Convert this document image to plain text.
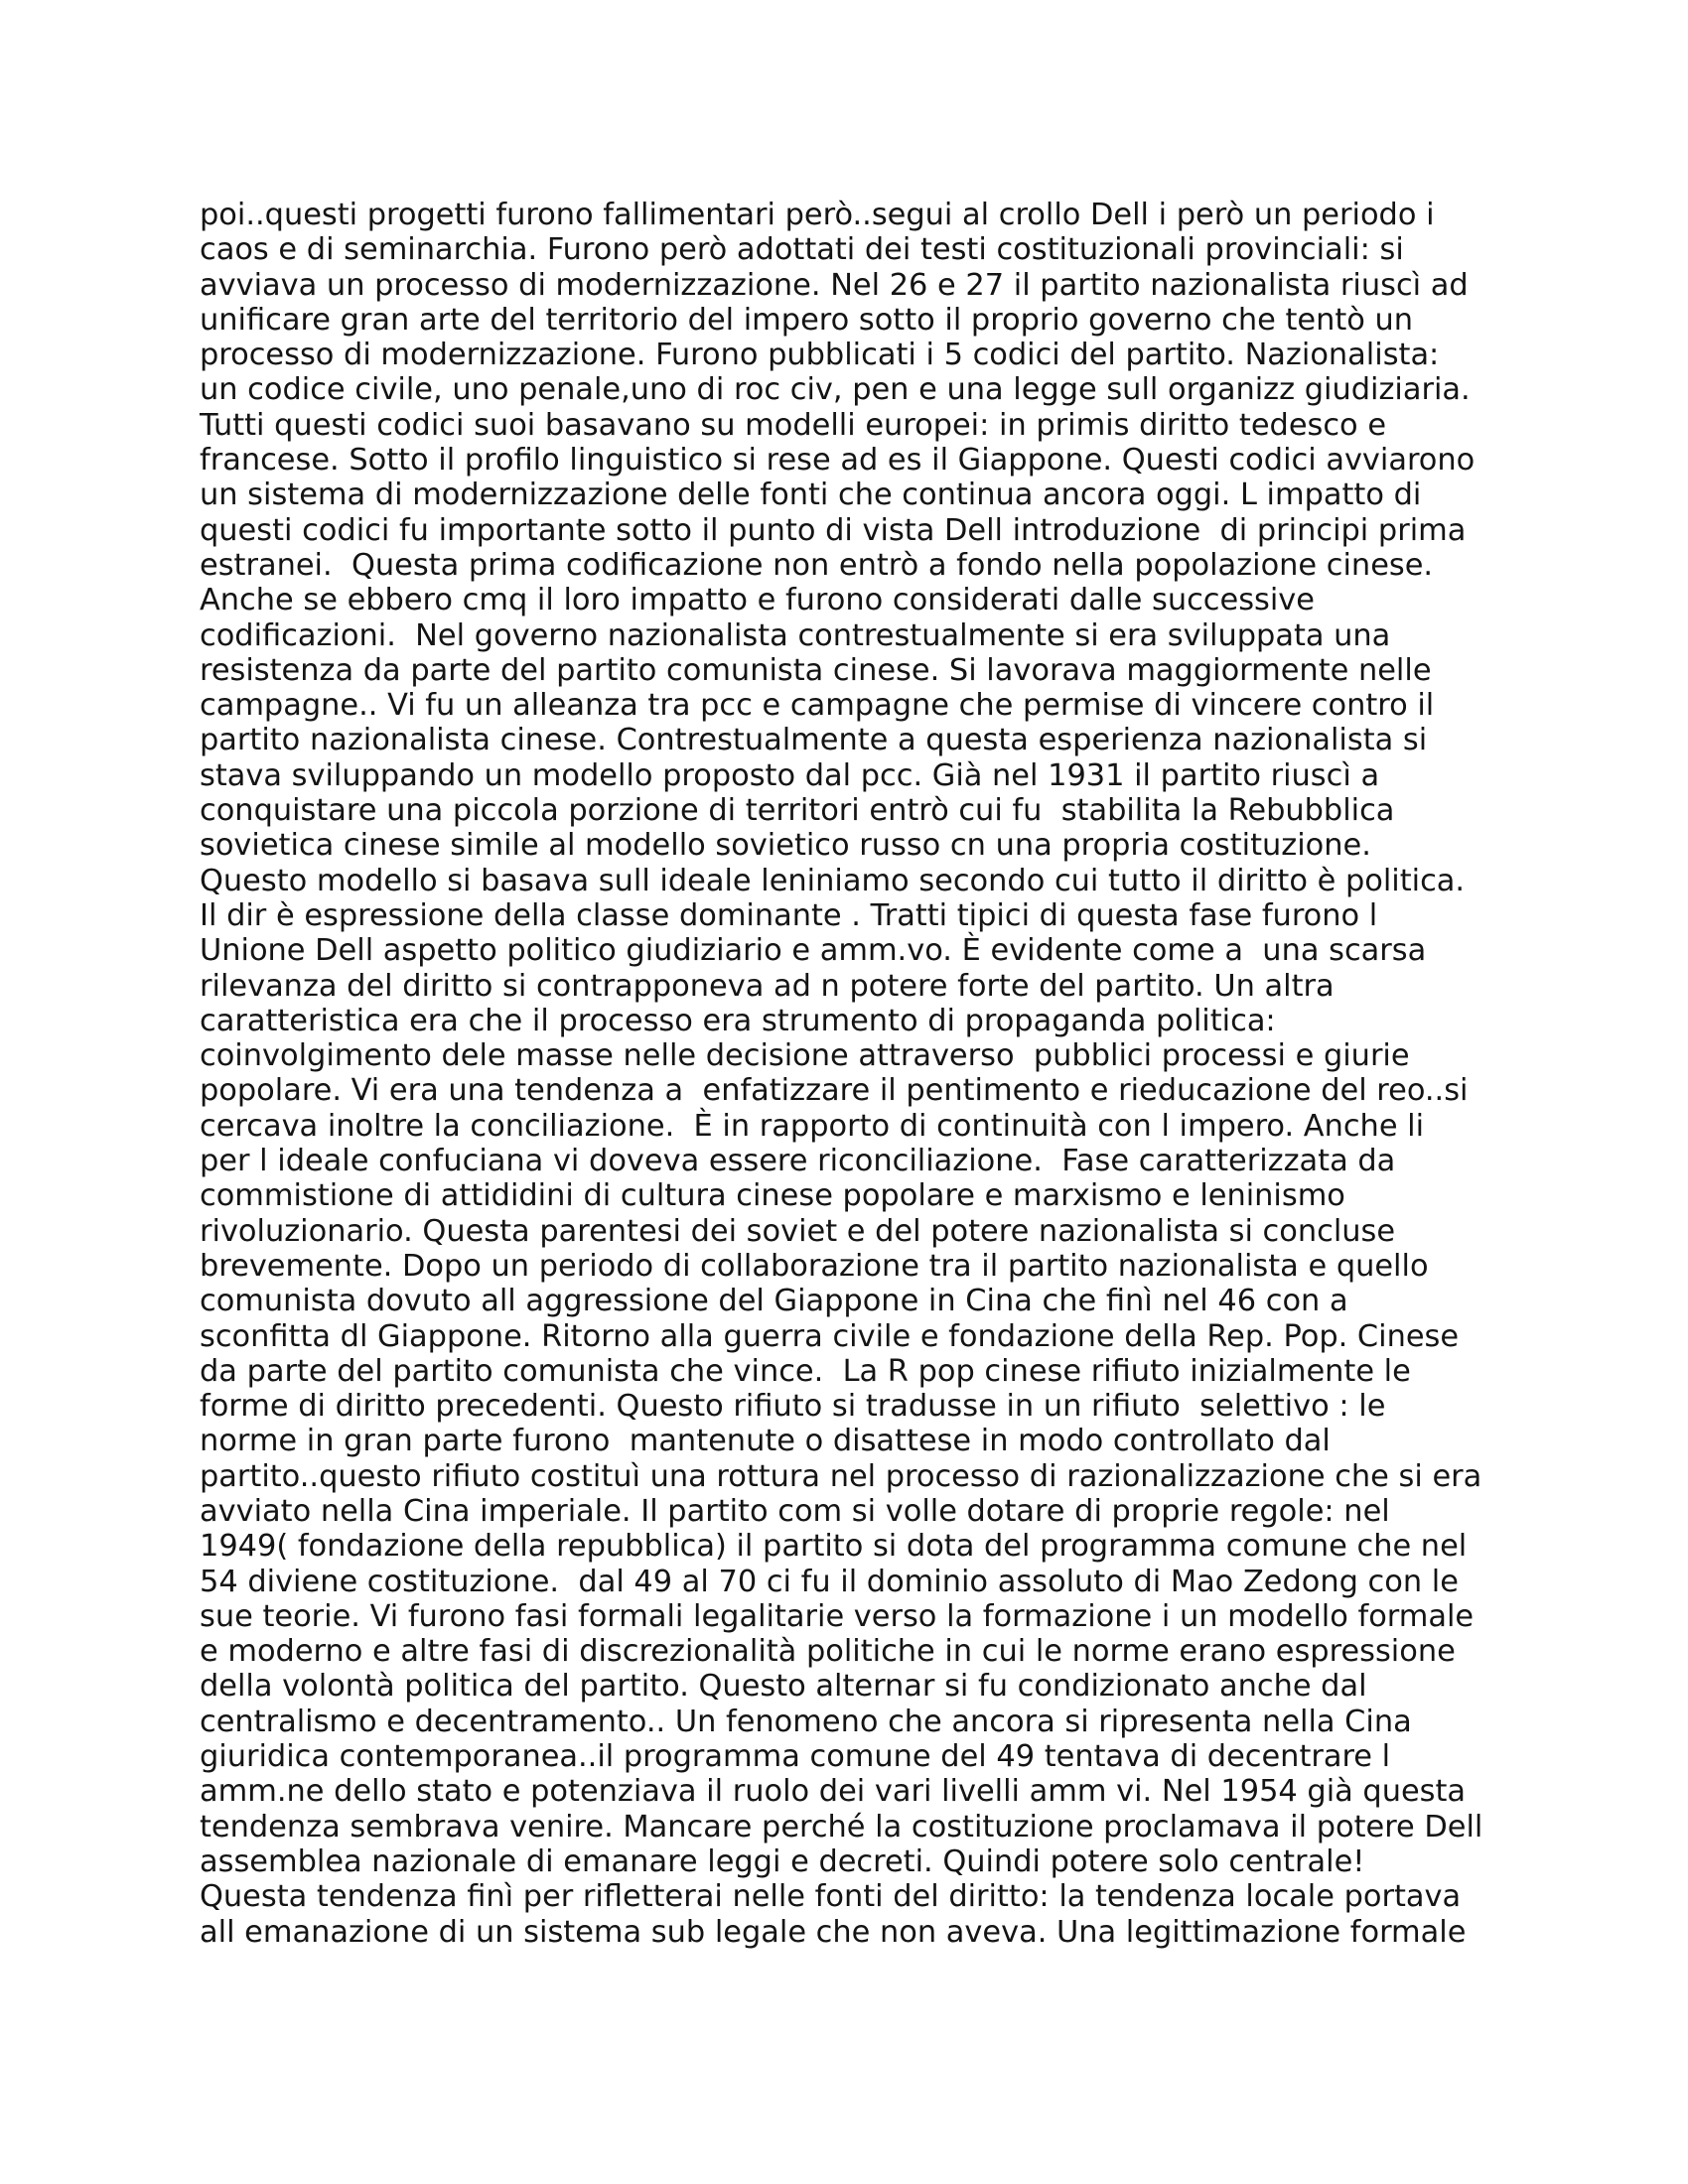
poi..questi progetti furono fallimentari però..segui al crollo Dell i però un periodo i
caos e di seminarchia. Furono però adottati dei testi costituzionali provinciali: si
avviava un processo di modernizzazione. Nel 26 e 27 il partito nazionalista riuscì ad
unificare gran arte del territorio del impero sotto il proprio governo che tentò un
processo di modernizzazione. Furono pubblicati i 5 codici del partito. Nazionalista:
un codice civile, uno penale,uno di roc civ, pen e una legge sull organizz giudiziaria.
Tutti questi codici suoi basavano su modelli europei: in primis diritto tedesco e
francese. Sotto il profilo linguistico si rese ad es il Giappone. Questi codici avviarono
un sistema di modernizzazione delle fonti che continua ancora oggi. L impatto di
questi codici fu importante sotto il punto di vista Dell introduzione  di principi prima
estranei.  Questa prima codificazione non entrò a fondo nella popolazione cinese.
Anche se ebbero cmq il loro impatto e furono considerati dalle successive
codificazioni.  Nel governo nazionalista contrestualmente si era sviluppata una
resistenza da parte del partito comunista cinese. Si lavorava maggiormente nelle
campagne.. Vi fu un alleanza tra pcc e campagne che permise di vincere contro il
partito nazionalista cinese. Contrestualmente a questa esperienza nazionalista si
stava sviluppando un modello proposto dal pcc. Già nel 1931 il partito riuscì a
conquistare una piccola porzione di territori entrò cui fu  stabilita la Rebubblica
sovietica cinese simile al modello sovietico russo cn una propria costituzione.
Questo modello si basava sull ideale leniniamo secondo cui tutto il diritto è politica.
Il dir è espressione della classe dominante . Tratti tipici di questa fase furono l
Unione Dell aspetto politico giudiziario e amm.vo. È evidente come a  una scarsa
rilevanza del diritto si contrapponeva ad n potere forte del partito. Un altra
caratteristica era che il processo era strumento di propaganda politica:
coinvolgimento dele masse nelle decisione attraverso  pubblici processi e giurie
popolare. Vi era una tendenza a  enfatizzare il pentimento e rieducazione del reo..si
cercava inoltre la conciliazione.  È in rapporto di continuità con l impero. Anche li
per l ideale confuciana vi doveva essere riconciliazione.  Fase caratterizzata da
commistione di attididini di cultura cinese popolare e marxismo e leninismo
rivoluzionario. Questa parentesi dei soviet e del potere nazionalista si concluse
brevemente. Dopo un periodo di collaborazione tra il partito nazionalista e quello
comunista dovuto all aggressione del Giappone in Cina che finì nel 46 con a
sconfitta dl Giappone. Ritorno alla guerra civile e fondazione della Rep. Pop. Cinese
da parte del partito comunista che vince.  La R pop cinese rifiuto inizialmente le
forme di diritto precedenti. Questo rifiuto si tradusse in un rifiuto  selettivo : le
norme in gran parte furono  mantenute o disattese in modo controllato dal
partito..questo rifiuto costituì una rottura nel processo di razionalizzazione che si era
avviato nella Cina imperiale. Il partito com si volle dotare di proprie regole: nel
1949( fondazione della repubblica) il partito si dota del programma comune che nel
54 diviene costituzione.  dal 49 al 70 ci fu il dominio assoluto di Mao Zedong con le
sue teorie. Vi furono fasi formali legalitarie verso la formazione i un modello formale
e moderno e altre fasi di discrezionalità politiche in cui le norme erano espressione
della volontà politica del partito. Questo alternar si fu condizionato anche dal
centralismo e decentramento.. Un fenomeno che ancora si ripresenta nella Cina
giuridica contemporanea..il programma comune del 49 tentava di decentrare l
amm.ne dello stato e potenziava il ruolo dei vari livelli amm vi. Nel 1954 già questa
tendenza sembrava venire. Mancare perché la costituzione proclamava il potere Dell
assemblea nazionale di emanare leggi e decreti. Quindi potere solo centrale!
Questa tendenza finì per rifletterai nelle fonti del diritto: la tendenza locale portava
all emanazione di un sistema sub legale che non aveva. Una legittimazione formale
